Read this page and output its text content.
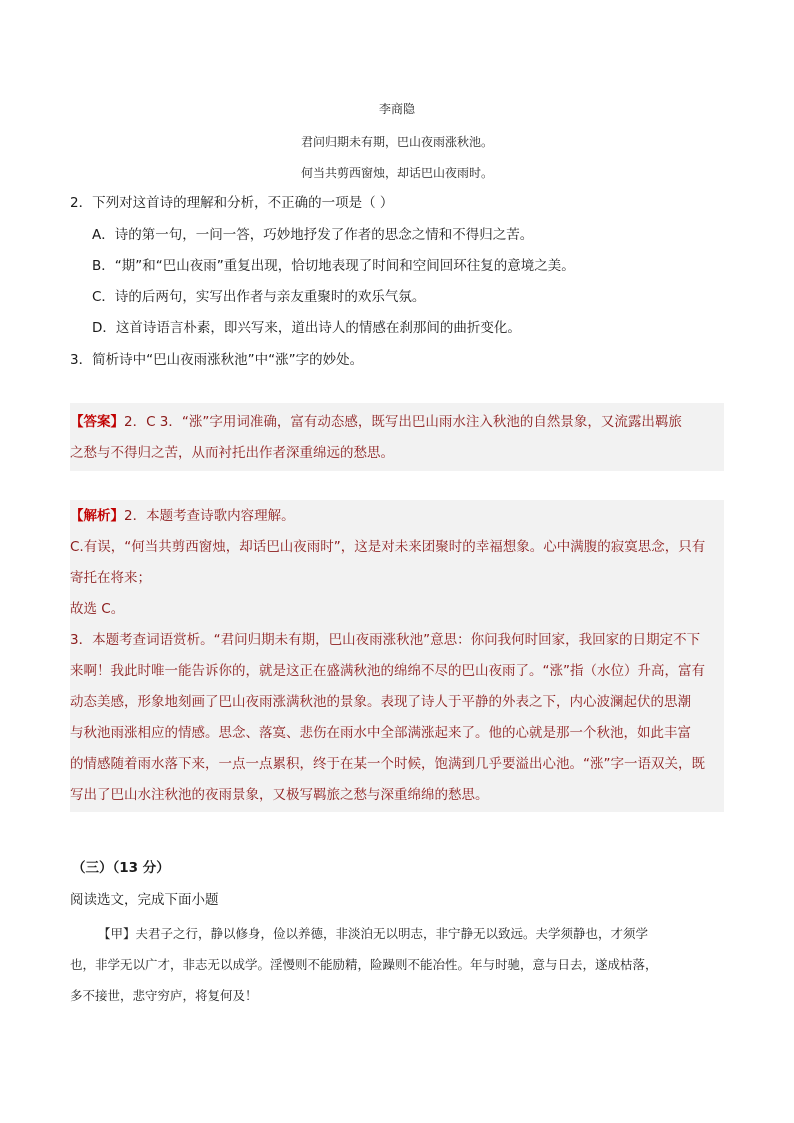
李商隐
君问归期未有期，巴山夜雨涨秋池。
何当共剪西窗烛，却话巴山夜雨时。
2．下列对这首诗的理解和分析，不正确的一项是（ ）
A．诗的第一句，一问一答，巧妙地抒发了作者的思念之情和不得归之苦。
B．“期”和“巴山夜雨”重复出现，恰切地表现了时间和空间回环往复的意境之美。
C．诗的后两句，实写出作者与亲友重聚时的欢乐气氛。
D．这首诗语言朴素，即兴写来，道出诗人的情感在刹那间的曲折变化。
3．简析诗中“巴山夜雨涨秋池”中“涨”字的妙处。
【答案】2．C 3．“涨”字用词准确，富有动态感，既写出巴山雨水注入秋池的自然景象，又流露出羁旅
之愁与不得归之苦，从而衬托出作者深重绵远的愁思。
【解析】2．本题考查诗歌内容理解。
C.有误，“何当共剪西窗烛，却话巴山夜雨时”，这是对未来团聚时的幸福想象。心中满腹的寂寞思念，只有
寄托在将来；
故选 C。
3．本题考查词语赏析。“君问归期未有期，巴山夜雨涨秋池”意思：你问我何时回家，我回家的日期定不下
来啊！我此时唯一能告诉你的，就是这正在盛满秋池的绵绵不尽的巴山夜雨了。“涨”指（水位）升高，富有
动态美感，形象地刻画了巴山夜雨涨满秋池的景象。表现了诗人于平静的外表之下，内心波澜起伏的思潮
与秋池雨涨相应的情感。思念、落寞、悲伤在雨水中全部满涨起来了。他的心就是那一个秋池，如此丰富
的情感随着雨水落下来，一点一点累积，终于在某一个时候，饱满到几乎要溢出心池。“涨”字一语双关，既
写出了巴山水注秋池的夜雨景象，又极写羁旅之愁与深重绵绵的愁思。
（三）（13 分）
阅读选文，完成下面小题
【甲】夫君子之行，静以修身，俭以养德，非淡泊无以明志，非宁静无以致远。夫学须静也，才须学
也，非学无以广才，非志无以成学。淫慢则不能励精，险躁则不能冶性。年与时驰，意与日去，遂成枯落，
多不接世，悲守穷庐，将复何及！
